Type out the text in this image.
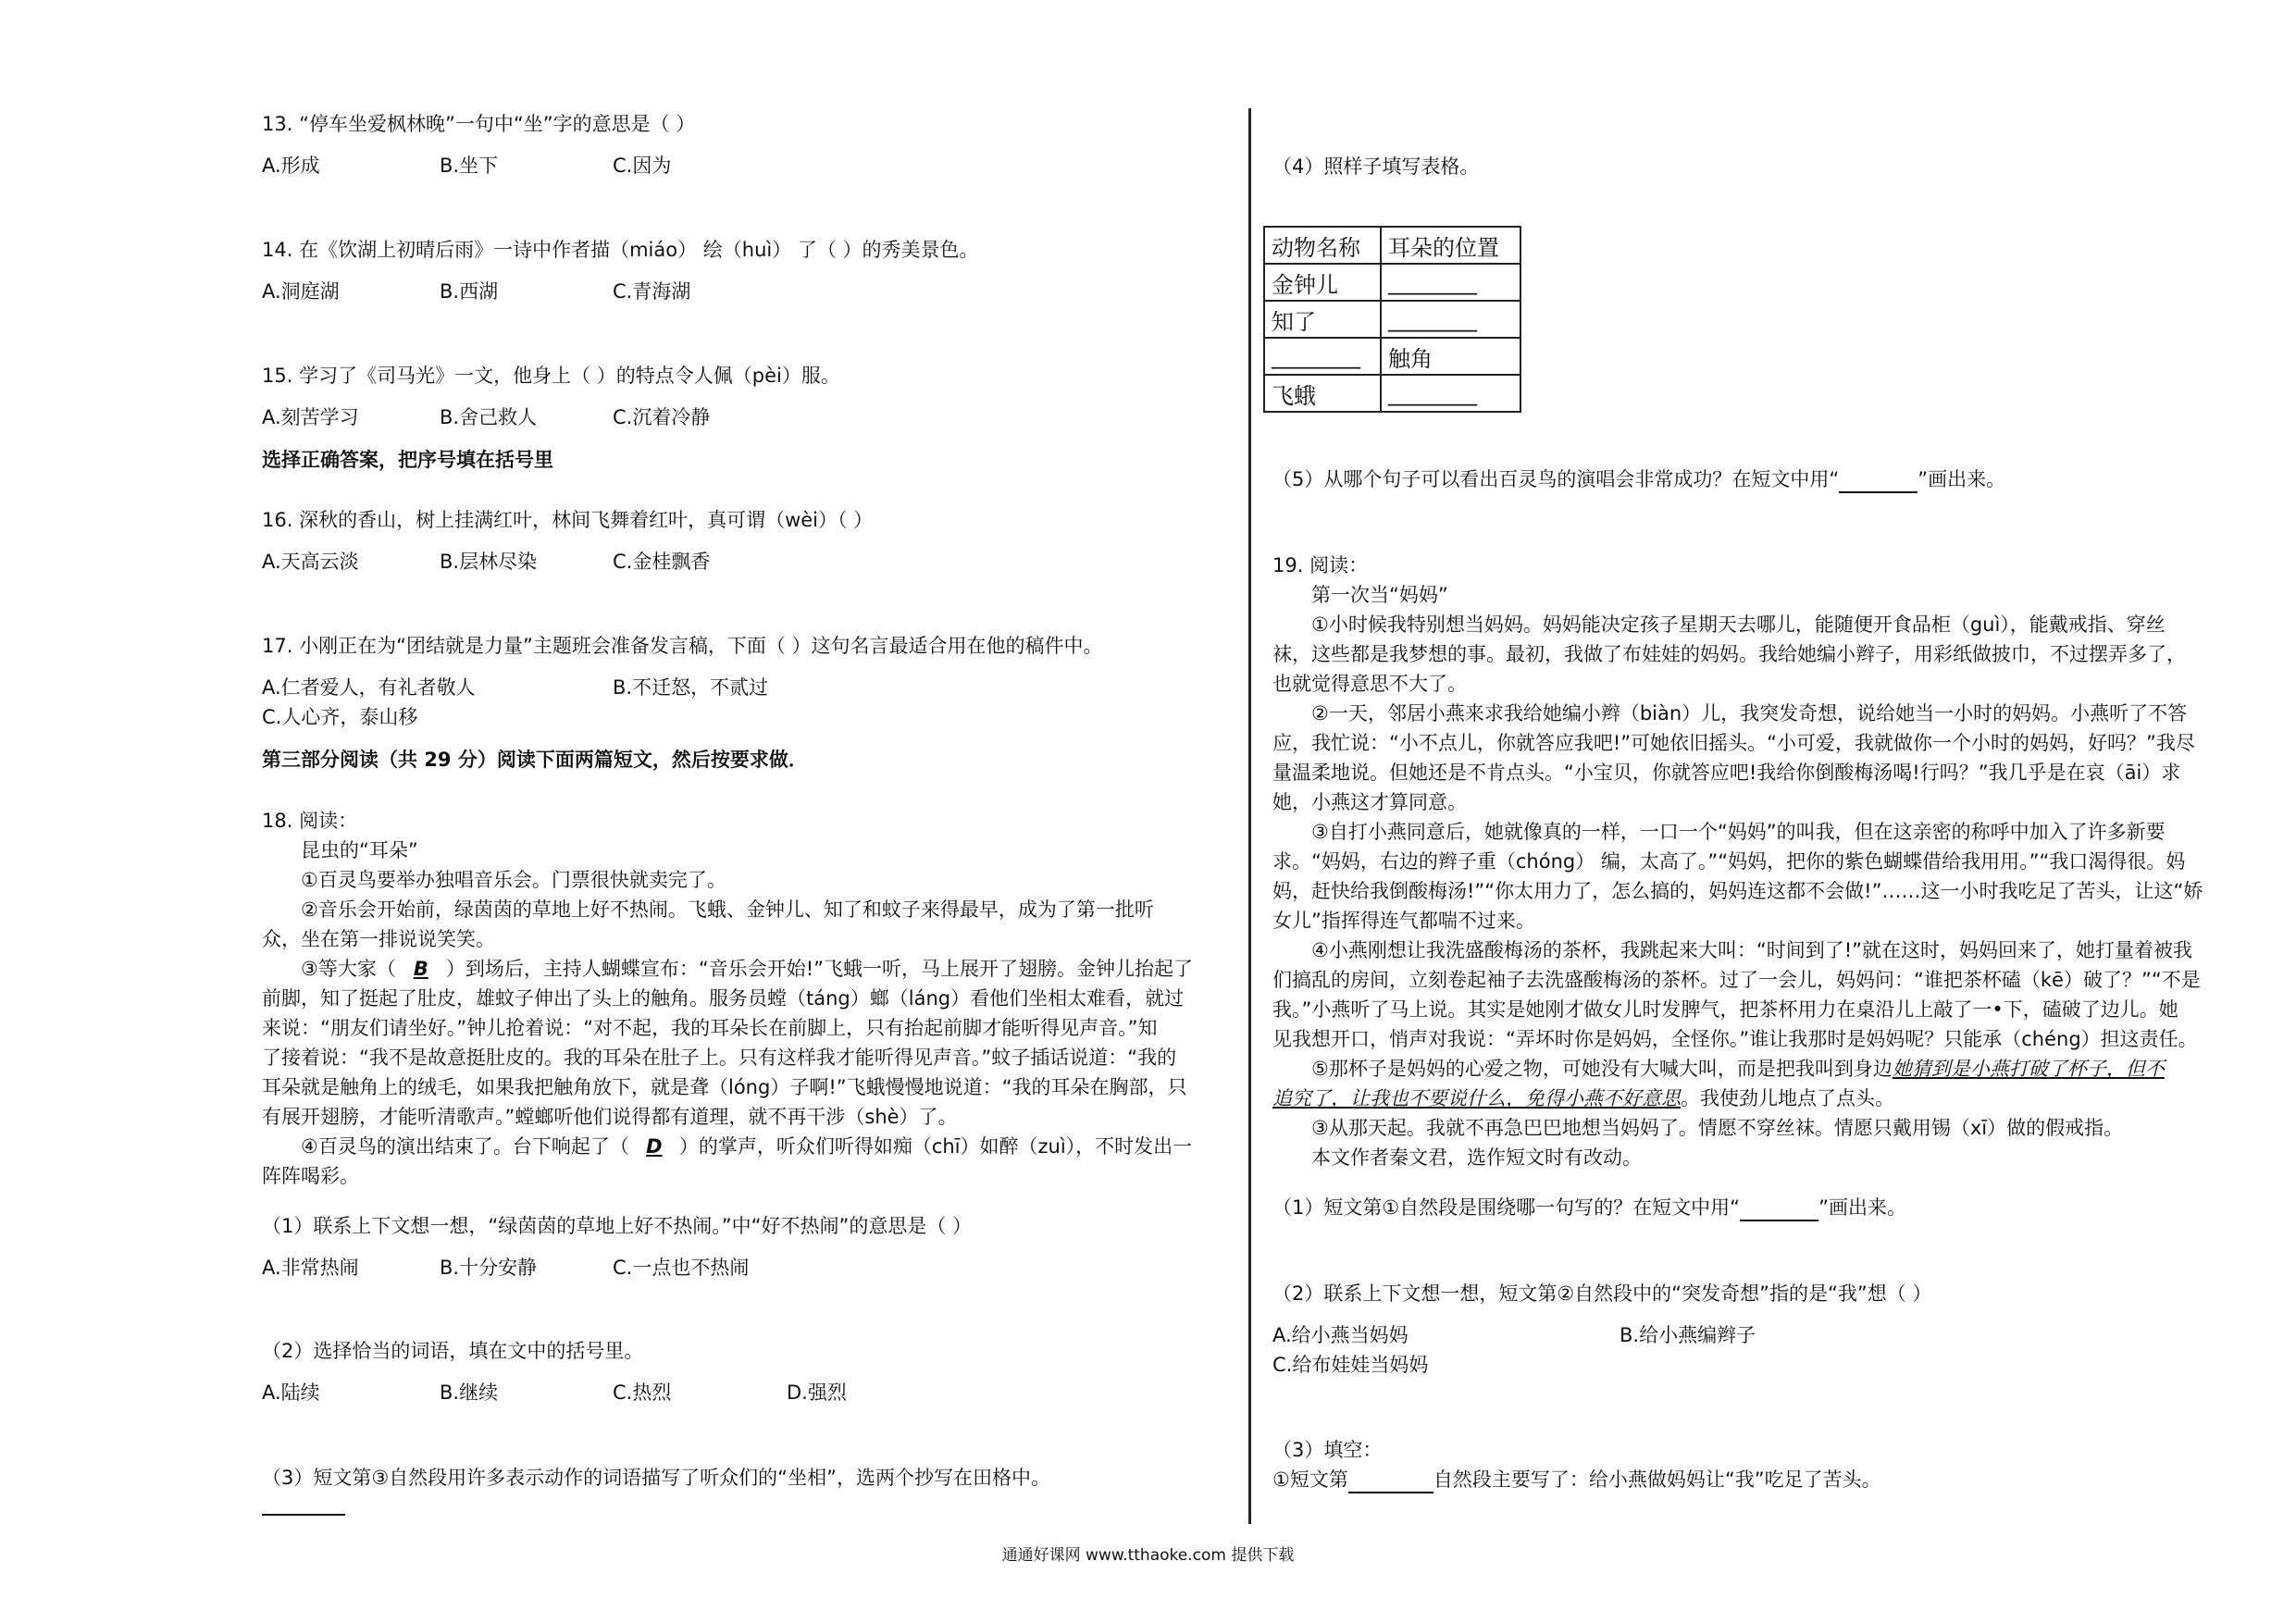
13. “停车坐爱枫林晚”一句中“坐”字的意思是（ ）
A.形成	B.坐下	C.因为
14. 在《饮湖上初晴后雨》一诗中作者描（miáo） 绘（huì） 了（ ）的秀美景色。
A.洞庭湖	B.西湖	C.青海湖
15. 学习了《司马光》一文，他身上（ ）的特点令人佩（pèi）服。
A.刻苦学习	B.舍己救人	C.沉着冷静
选择正确答案，把序号填在括号里
16. 深秋的香山，树上挂满红叶，林间飞舞着红叶，真可谓（wèi）（ ）
A.天高云淡	B.层林尽染	C.金桂飘香
17. 小刚正在为“团结就是力量”主题班会准备发言稿，下面（ ）这句名言最适合用在他的稿件中。
A.仁者爱人，有礼者敬人	B.不迁怒，不贰过
C.人心齐，泰山移
第三部分阅读（共 29 分）阅读下面两篇短文，然后按要求做．
18. 阅读：
昆虫的“耳朵”
①百灵鸟要举办独唱音乐会。门票很快就卖完了。
②音乐会开始前，绿茵茵的草地上好不热闹。飞蛾、金钟儿、知了和蚊子来得最早，成为了第一批听
众，坐在第一排说说笑笑。
③等大家（ B ）到场后，主持人蝴蝶宣布：“音乐会开始!”飞蛾一听，马上展开了翅膀。金钟儿抬起了
前脚，知了挺起了肚皮，雄蚊子伸出了头上的触角。服务员螳（táng）螂（láng）看他们坐相太难看，就过
来说：“朋友们请坐好。”钟儿抢着说：“对不起，我的耳朵长在前脚上，只有抬起前脚才能听得见声音。”知
了接着说：“我不是故意挺肚皮的。我的耳朵在肚子上。只有这样我才能听得见声音。”蚊子插话说道：“我的
耳朵就是触角上的绒毛，如果我把触角放下，就是聋（lóng）子啊!”飞蛾慢慢地说道：“我的耳朵在胸部，只
有展开翅膀，才能听清歌声。”螳螂听他们说得都有道理，就不再干涉（shè）了。
④百灵鸟的演出结束了。台下响起了（ D ）的掌声，听众们听得如痴（chī）如醉（zuì），不时发出一
阵阵喝彩。
（1）联系上下文想一想，“绿茵茵的草地上好不热闹。”中“好不热闹”的意思是（ ）
A.非常热闹	B.十分安静	C.一点也不热闹
（2）选择恰当的词语，填在文中的括号里。
A.陆续	B.继续	C.热烈	D.强烈
（3）短文第③自然段用许多表示动作的词语描写了听众们的“坐相”，选两个抄写在田格中。
（4）照样子填写表格。
动物名称	耳朵的位置
金钟儿	________
知了	________
________	触角
飞蛾	________
（5）从哪个句子可以看出百灵鸟的演唱会非常成功？在短文中用“	”画出来。
19. 阅读：
第一次当“妈妈”
①小时候我特别想当妈妈。妈妈能决定孩子星期天去哪儿，能随便开食品柜（guì），能戴戒指、穿丝
袜，这些都是我梦想的事。最初，我做了布娃娃的妈妈。我给她编小辫子，用彩纸做披巾，不过摆弄多了，
也就觉得意思不大了。
②一天，邻居小燕来求我给她编小辫（biàn）儿，我突发奇想，说给她当一小时的妈妈。小燕听了不答
应，我忙说：“小不点儿，你就答应我吧!”可她依旧摇头。“小可爱，我就做你一个小时的妈妈，好吗？”我尽
量温柔地说。但她还是不肯点头。“小宝贝，你就答应吧!我给你倒酸梅汤喝!行吗？”我几乎是在哀（āi）求
她，小燕这才算同意。
③自打小燕同意后，她就像真的一样，一口一个“妈妈”的叫我，但在这亲密的称呼中加入了许多新要
求。“妈妈，右边的辫子重（chóng） 编，太高了。”“妈妈，把你的紫色蝴蝶借给我用用。”“我口渴得很。妈
妈，赶快给我倒酸梅汤!”“你太用力了，怎么搞的，妈妈连这都不会做!”……这一小时我吃足了苦头，让这“娇
女儿”指挥得连气都喘不过来。
④小燕刚想让我洗盛酸梅汤的茶杯，我跳起来大叫：“时间到了!”就在这时，妈妈回来了，她打量着被我
们搞乱的房间，立刻卷起袖子去洗盛酸梅汤的茶杯。过了一会儿，妈妈问：“谁把茶杯磕（kē）破了？”“不是
我。”小燕听了马上说。其实是她刚才做女儿时发脾气，把茶杯用力在桌沿儿上敲了一•下，磕破了边儿。她
见我想开口，悄声对我说：“弄坏时你是妈妈，全怪你。”谁让我那时是妈妈呢？只能承（chéng）担这责任。
⑤那杯子是妈妈的心爱之物，可她没有大喊大叫，而是把我叫到身边她猜到是小燕打破了杯子，但不
追究了，让我也不要说什么，免得小燕不好意思。我使劲儿地点了点头。
③从那天起。我就不再急巴巴地想当妈妈了。情愿不穿丝袜。情愿只戴用锡（xī）做的假戒指。
本文作者秦文君，选作短文时有改动。
（1）短文第①自然段是围绕哪一句写的？在短文中用“	”画出来。
（2）联系上下文想一想，短文第②自然段中的“突发奇想”指的是“我”想（ ）
A.给小燕当妈妈	B.给小燕编辫子
C.给布娃娃当妈妈
（3）填空：
①短文第	自然段主要写了：给小燕做妈妈让“我”吃足了苦头。
通通好课网 www.tthaoke.com 提供下载
